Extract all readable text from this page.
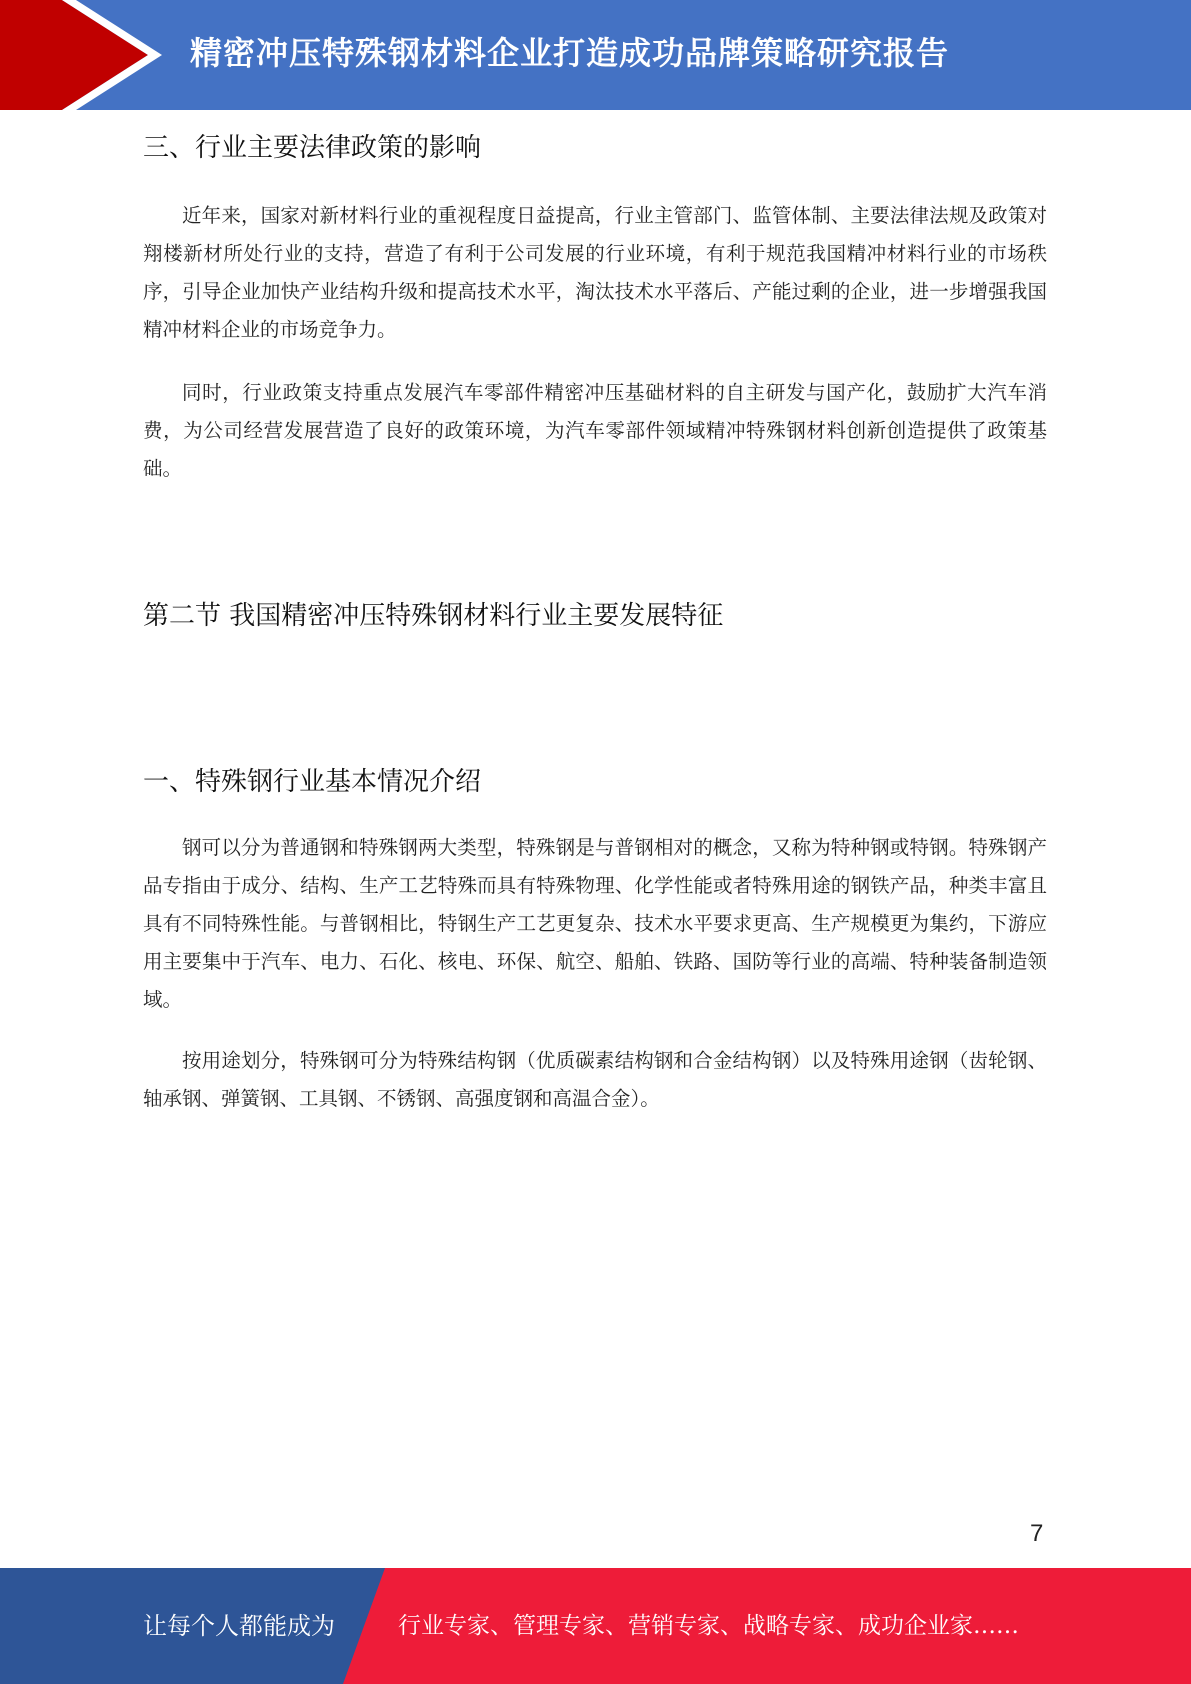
精密冲压特殊钢材料企业打造成功品牌策略研究报告
三、行业主要法律政策的影响

近年来，国家对新材料行业的重视程度日益提高，行业主管部门、监管体制、主要法律法规及政策对翔楼新材所处行业的支持，营造了有利于公司发展的行业环境，有利于规范我国精冲材料行业的市场秩序，引导企业加快产业结构升级和提高技术水平，淘汰技术水平落后、产能过剩的企业，进一步增强我国精冲材料企业的市场竞争力。

同时，行业政策支持重点发展汽车零部件精密冲压基础材料的自主研发与国产化，鼓励扩大汽车消费，为公司经营发展营造了良好的政策环境，为汽车零部件领域精冲特殊钢材料创新创造提供了政策基础。

第二节 我国精密冲压特殊钢材料行业主要发展特征
一、特殊钢行业基本情况介绍

钢可以分为普通钢和特殊钢两大类型，特殊钢是与普钢相对的概念，又称为特种钢或特钢。特殊钢产品专指由于成分、结构、生产工艺特殊而具有特殊物理、化学性能或者特殊用途的钢铁产品，种类丰富且具有不同特殊性能。与普钢相比，特钢生产工艺更复杂、技术水平要求更高、生产规模更为集约，下游应用主要集中于汽车、电力、石化、核电、环保、航空、船舶、铁路、国防等行业的高端、特种装备制造领域。

按用途划分，特殊钢可分为特殊结构钢（优质碳素结构钢和合金结构钢）以及特殊用途钢（齿轮钢、轴承钢、弹簧钢、工具钢、不锈钢、高强度钢和高温合金）。

7
让每个人都能成为	行业专家、管理专家、营销专家、战略专家、成功企业家……
